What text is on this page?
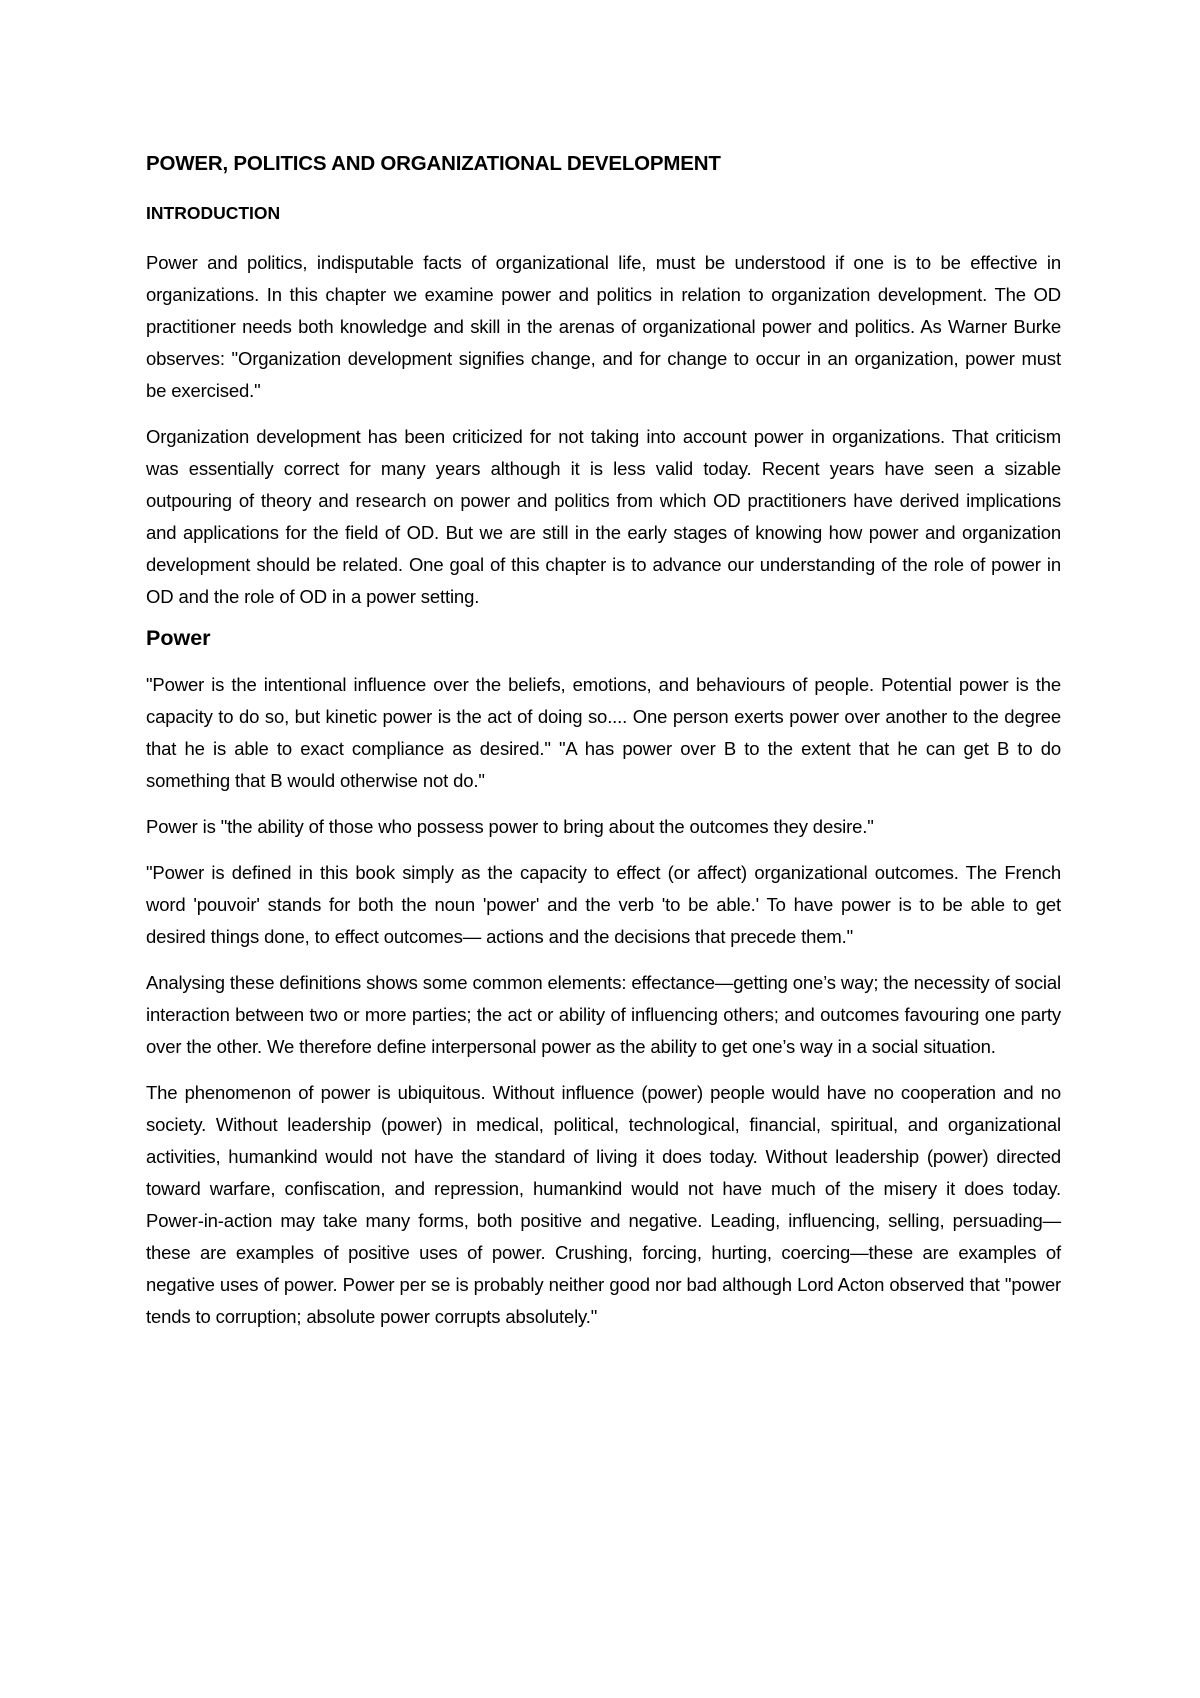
POWER, POLITICS AND ORGANIZATIONAL DEVELOPMENT
INTRODUCTION

Power and politics, indisputable facts of organizational life, must be understood if one is to be effective in organizations. In this chapter we examine power and politics in relation to organization development. The OD practitioner needs both knowledge and skill in the arenas of organizational power and politics. As Warner Burke observes: "Organization development signifies change, and for change to occur in an organization, power must be exercised."

Organization development has been criticized for not taking into account power in organizations. That criticism was essentially correct for many years although it is less valid today. Recent years have seen a sizable outpouring of theory and research on power and politics from which OD practitioners have derived implications and applications for the field of OD. But we are still in the early stages of knowing how power and organization development should be related. One goal of this chapter is to advance our understanding of the role of power in OD and the role of OD in a power setting.

Power

"Power is the intentional influence over the beliefs, emotions, and behaviours of people. Potential power is the capacity to do so, but kinetic power is the act of doing so.... One person exerts power over another to the degree that he is able to exact compliance as desired." "A has power over B to the extent that he can get B to do something that B would otherwise not do."

Power is "the ability of those who possess power to bring about the outcomes they desire."

"Power is defined in this book simply as the capacity to effect (or affect) organizational outcomes. The French word 'pouvoir' stands for both the noun 'power' and the verb 'to be able.' To have power is to be able to get desired things done, to effect outcomes— actions and the decisions that precede them."

Analysing these definitions shows some common elements: effectance—getting one’s way; the necessity of social interaction between two or more parties; the act or ability of influencing others; and outcomes favouring one party over the other. We therefore define interpersonal power as the ability to get one’s way in a social situation.

The phenomenon of power is ubiquitous. Without influence (power) people would have no cooperation and no society. Without leadership (power) in medical, political, technological, financial, spiritual, and organizational activities, humankind would not have the standard of living it does today. Without leadership (power) directed toward warfare, confiscation, and repression, humankind would not have much of the misery it does today. Power-in-action may take many forms, both positive and negative. Leading, influencing, selling, persuading—these are examples of positive uses of power. Crushing, forcing, hurting, coercing—these are examples of negative uses of power. Power per se is probably neither good nor bad although Lord Acton observed that "power tends to corruption; absolute power corrupts absolutely."
